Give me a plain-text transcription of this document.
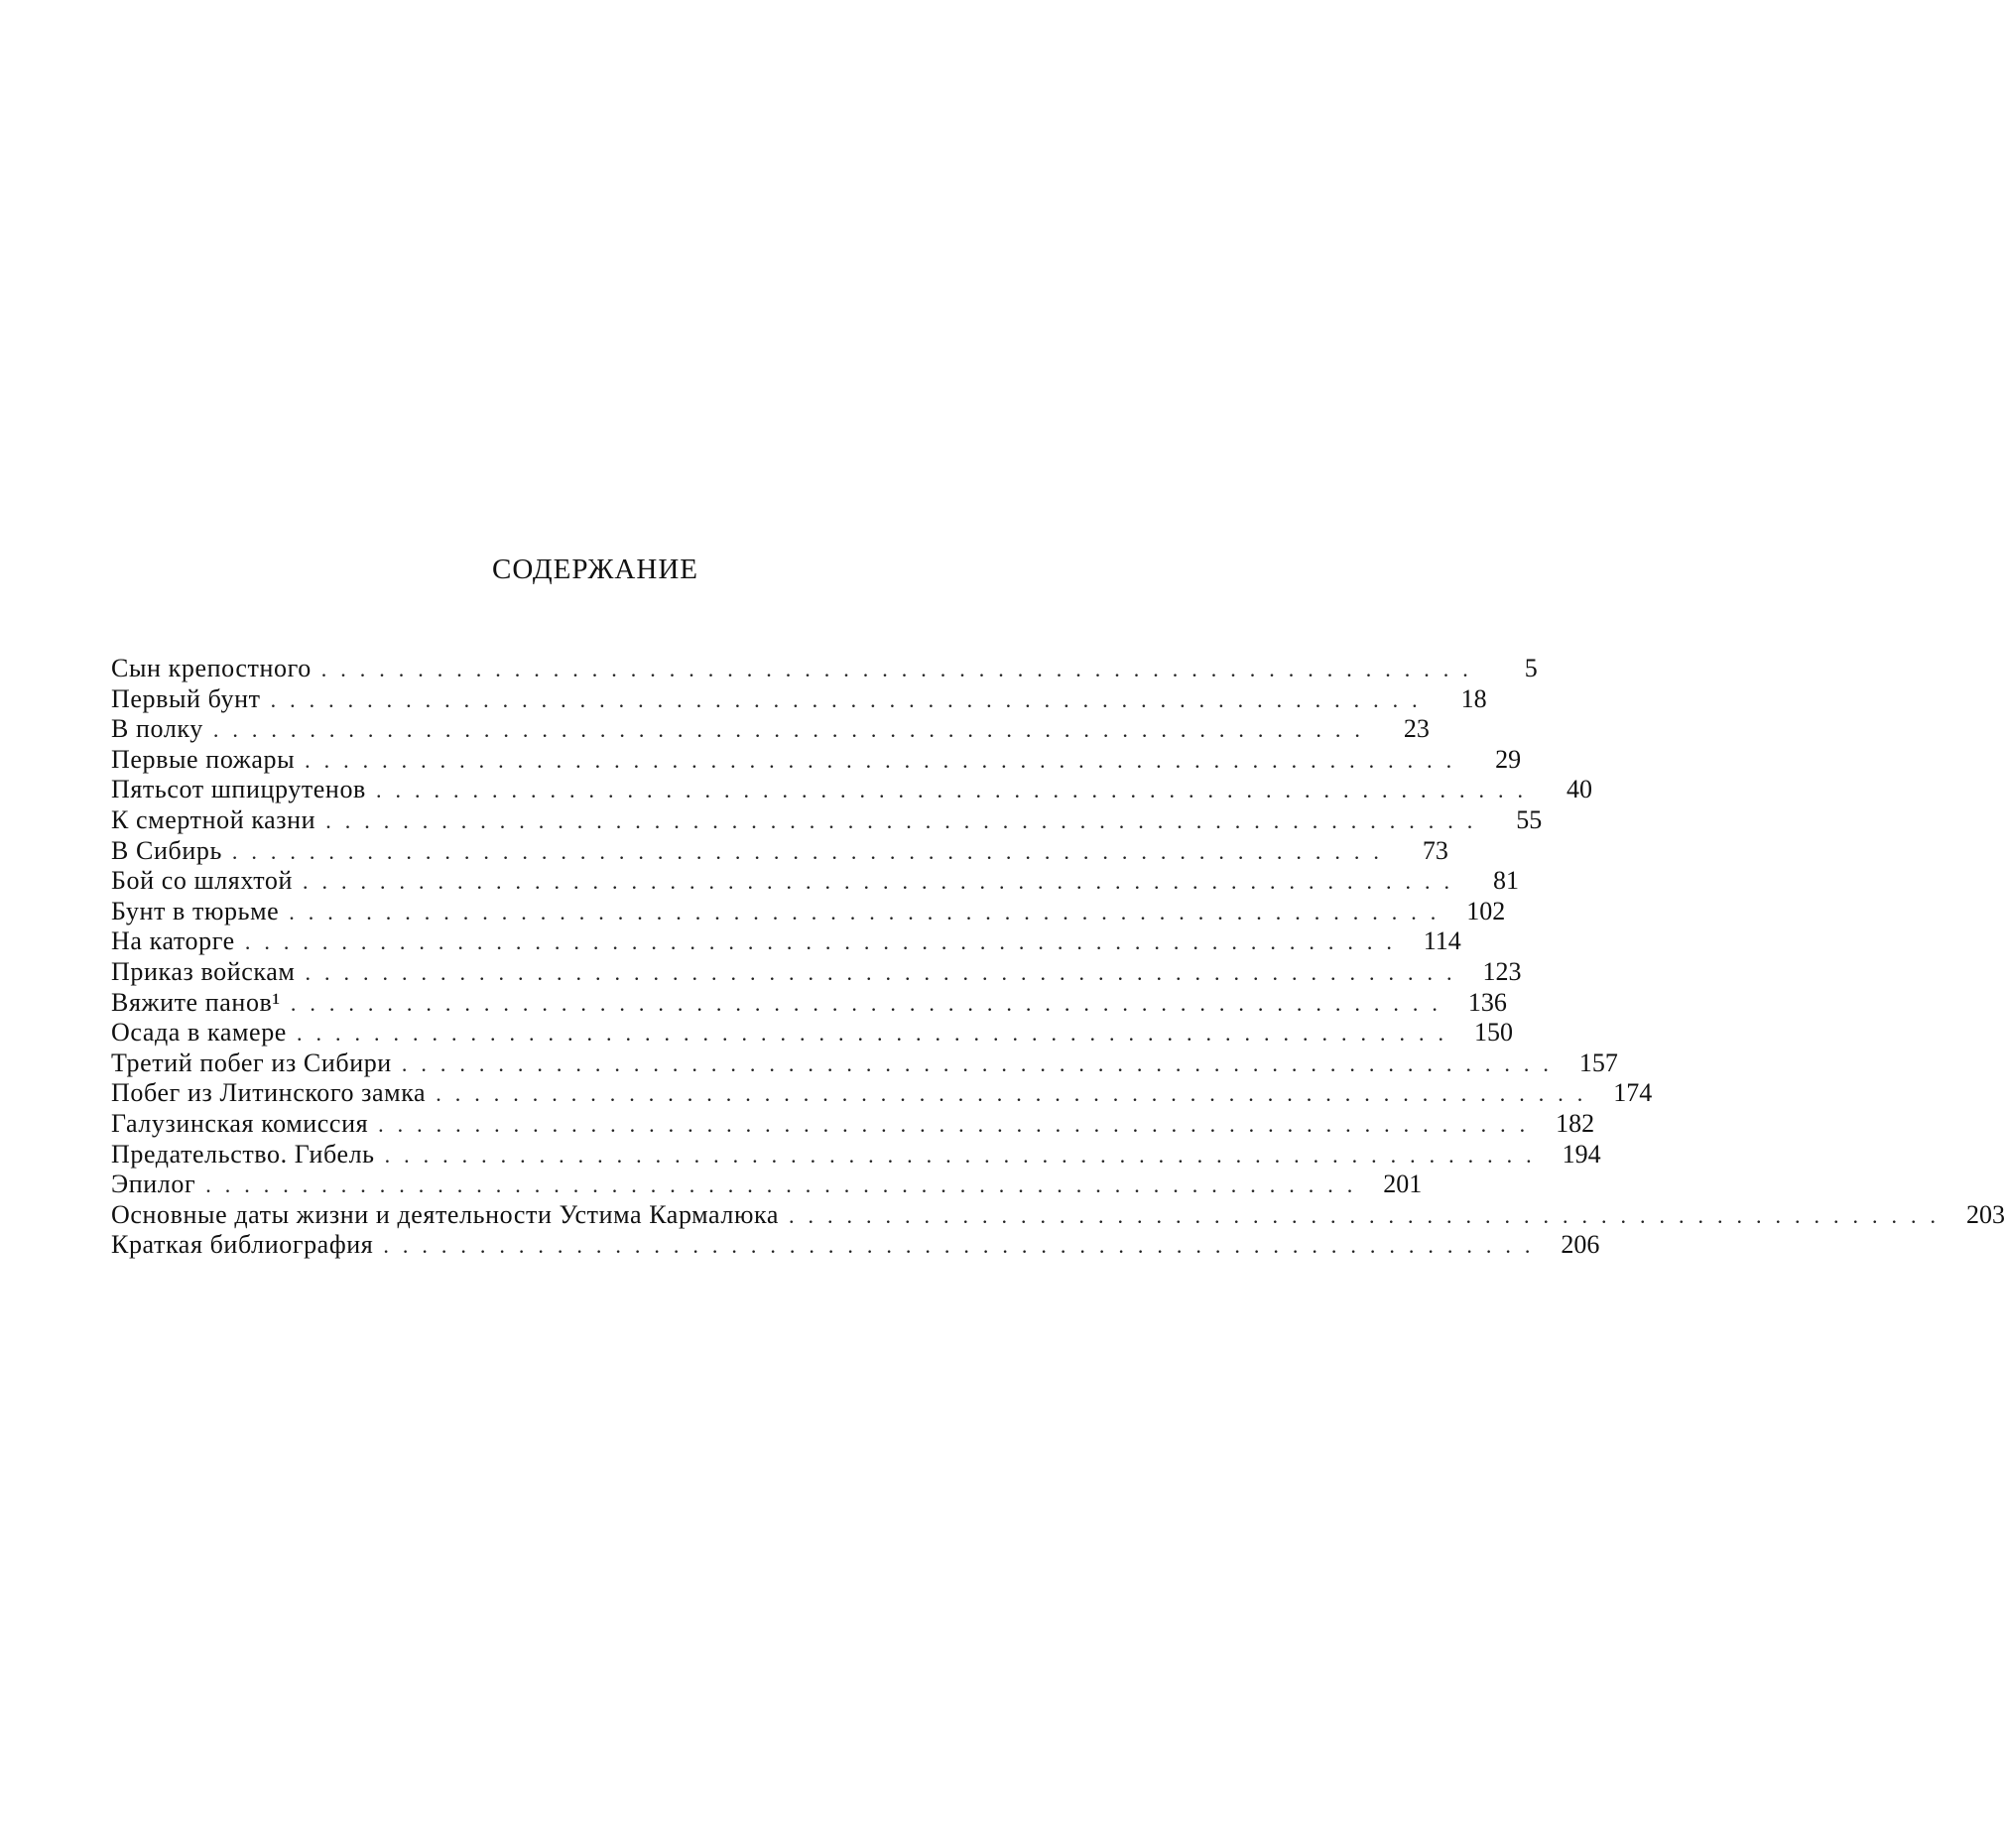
СОДЕРЖАНИЕ
Сын крепостного ............................................................	5
Первый бунт ............................................................	18
В полку ............................................................	23
Первые пожары ............................................................	29
Пятьсот шпицрутенов ............................................................	40
К смертной казни ............................................................	55
В Сибирь ............................................................	73
Бой со шляхтой ............................................................	81
Бунт в тюрьме ............................................................ 102
На каторге ............................................................ 114
Приказ войскам ............................................................ 123
Вяжите панов¹ ............................................................ 136
Осада в камере ............................................................ 150
Третий побег из Сибири ............................................................ 157
Побег из Литинского замка ............................................................ 174
Галузинская комиссия ............................................................ 182
Предательство. Гибель ............................................................ 194
Эпилог ............................................................ 201
Основные даты жизни и деятельности Устима Кармалюка ............................................................ 203
Краткая библиография ............................................................ 206
